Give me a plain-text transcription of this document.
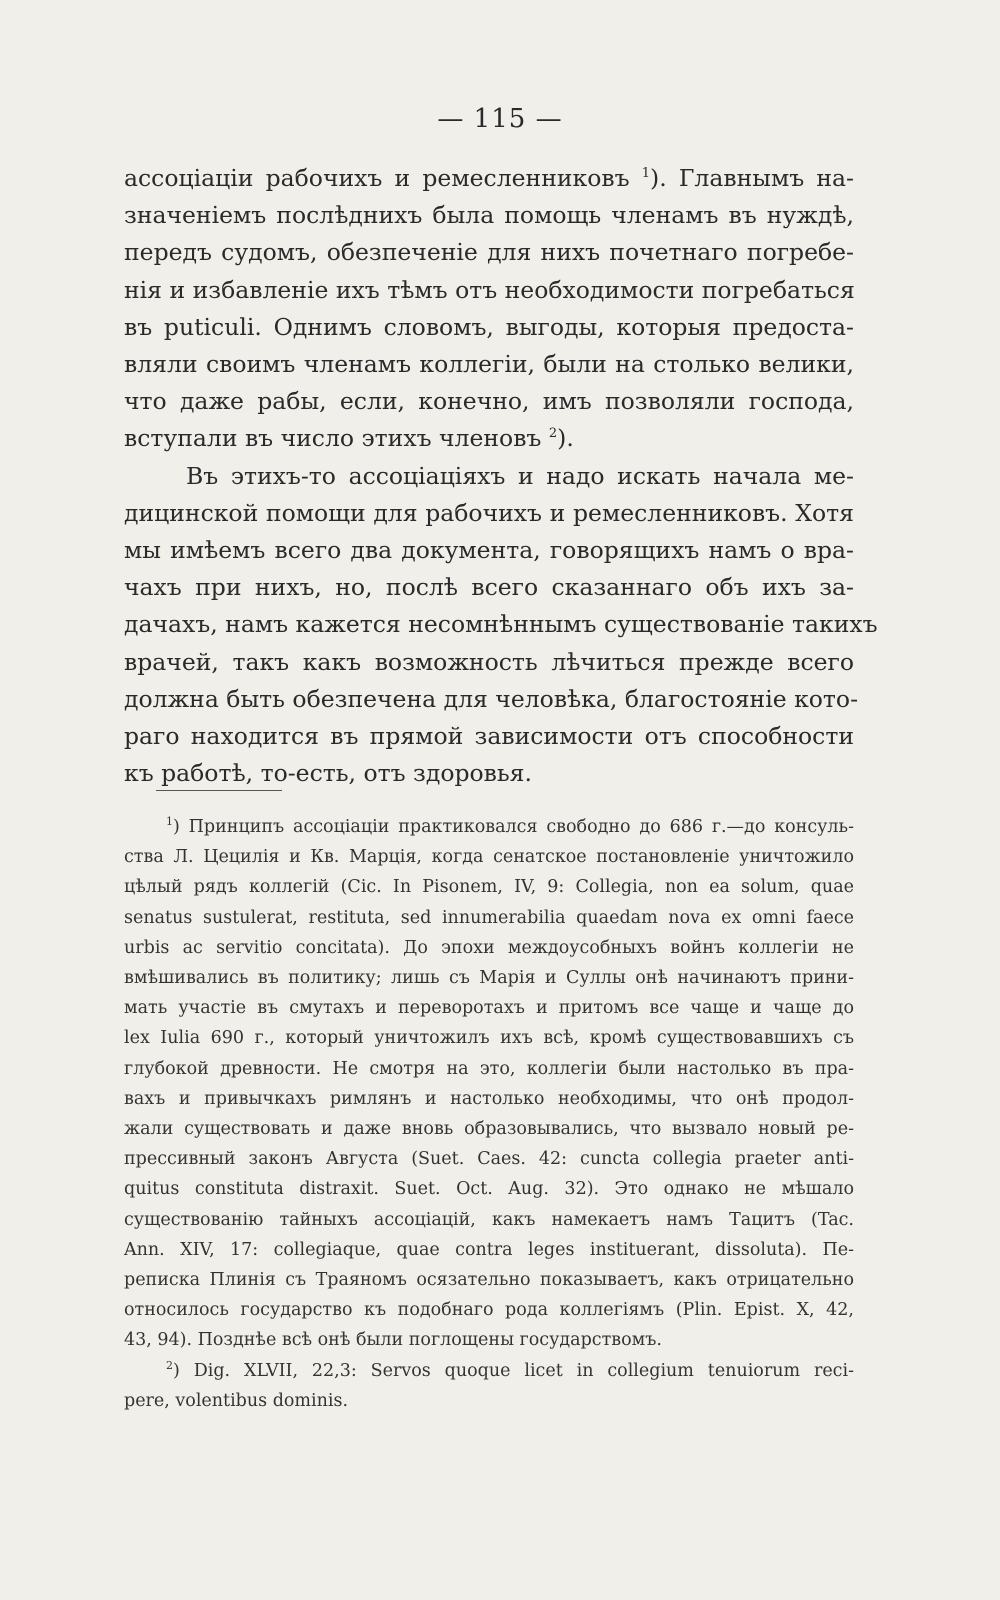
— 115 —
ассоціаціи рабочихъ и ремесленниковъ $^1$). Главнымъ на-
значеніемъ послѣднихъ была помощь членамъ въ нуждѣ,
передъ судомъ, обезпеченіе для нихъ почетнаго погребе-
нія и избавленіе ихъ тѣмъ отъ необходимости погребаться
въ puticuli. Однимъ словомъ, выгоды, которыя предоста-
вляли своимъ членамъ коллегіи, были на столько велики,
что даже рабы, если, конечно, имъ позволяли господа,
вступали въ число этихъ членовъ $^2$).
Въ этихъ-то ассоціаціяхъ и надо искать начала ме-
дицинской помощи для рабочихъ и ремесленниковъ. Хотя
мы имѣемъ всего два документа, говорящихъ намъ о вра-
чахъ при нихъ, но, послѣ всего сказаннаго объ ихъ за-
дачахъ, намъ кажется несомнѣннымъ существованіе такихъ
врачей, такъ какъ возможность лѣчиться прежде всего
должна быть обезпечена для человѣка, благостояніе кото-
раго находится въ прямой зависимости отъ способности
къ работѣ, то-есть, отъ здоровья.
$^1$) Принципъ ассоціаціи практиковался свободно до 686 г.—до консуль-
ства Л. Цецилія и Кв. Марція, когда сенатское постановленіе уничтожило
цѣлый рядъ коллегій (Cic. In Pisonem, IV, 9: Collegia, non ea solum, quae
senatus sustulerat, restituta, sed innumerabilia quaedam nova ex omni faece
urbis ac servitio concitata). До эпохи междоусобныхъ войнъ коллегіи не
вмѣшивались въ политику; лишь съ Марія и Суллы онѣ начинаютъ прини-
мать участіе въ смутахъ и переворотахъ и притомъ все чаще и чаще до
lex Iulia 690 г., который уничтожилъ ихъ всѣ, кромѣ существовавшихъ съ
глубокой древности. Не смотря на это, коллегіи были настолько въ пра-
вахъ и привычкахъ римлянъ и настолько необходимы, что онѣ продол-
жали существовать и даже вновь образовывались, что вызвало новый ре-
прессивный законъ Августа (Suet. Caes. 42: cuncta collegia praeter anti-
quitus constituta distraxit. Suet. Oct. Aug. 32). Это однако не мѣшало
существованію тайныхъ ассоціацій, какъ намекаетъ намъ Тацитъ (Tac.
Ann. XIV, 17: collegiaque, quae contra leges instituerant, dissoluta). Пе-
реписка Плинія съ Траяномъ осязательно показываетъ, какъ отрицательно
относилось государство къ подобнаго рода коллегіямъ (Plin. Epist. X, 42,
43, 94). Позднѣе всѣ онѣ были поглощены государствомъ.
$^2$) Dig. XLVII, 22,3: Servos quoque licet in collegium tenuiorum reci-
pere, volentibus dominis.
